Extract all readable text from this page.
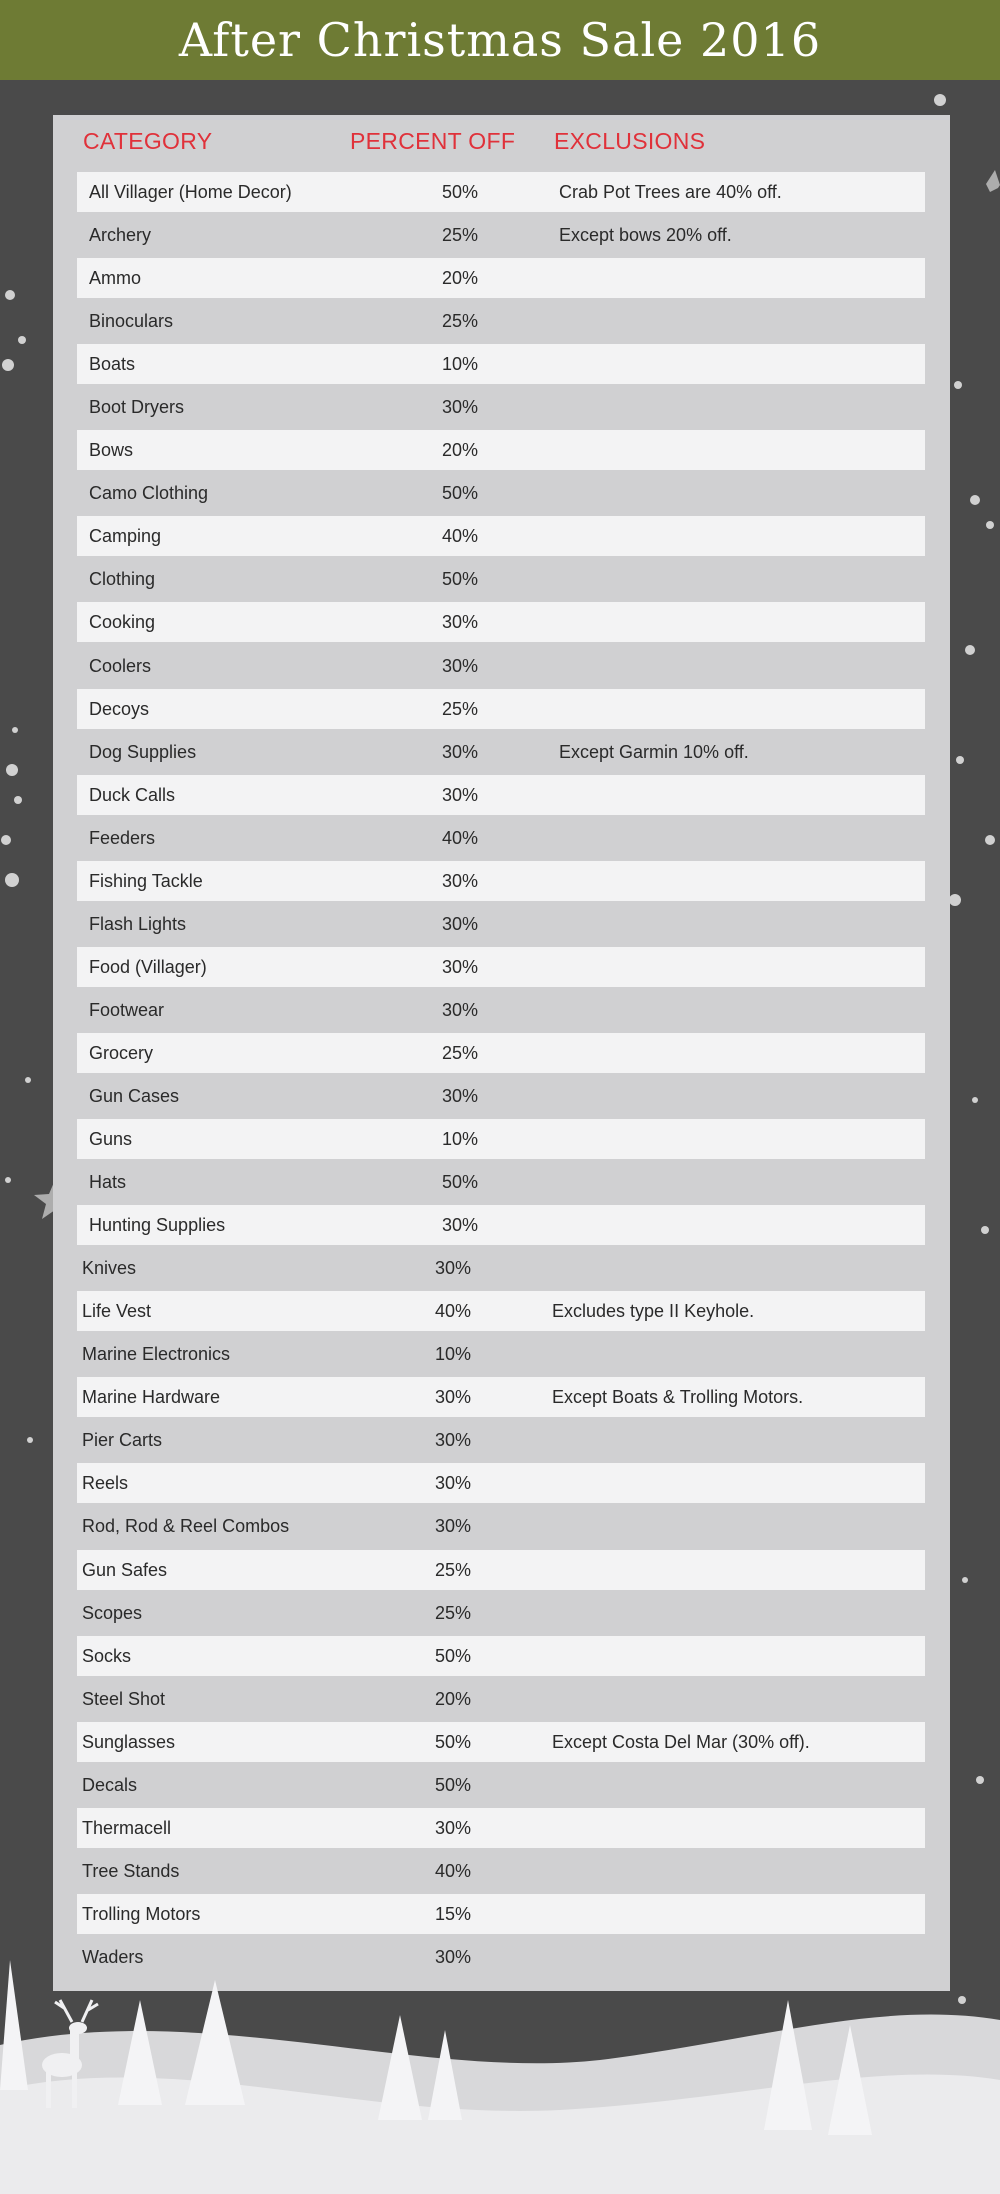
After Christmas Sale 2016
CATEGORY	PERCENT OFF EXCLUSIONS
All Villager (Home Decor)	50%	Crab Pot Trees are 40% off.
Archery	25%	Except bows 20% off.
Ammo	20%
Binoculars	25%
Boats	10%
Boot Dryers	30%
Bows	20%
Camo Clothing	50%
Camping	40%
Clothing	50%
Cooking	30%
Coolers	30%
Decoys	25%
Dog Supplies	30%	Except Garmin 10% off.
Duck Calls	30%
Feeders	40%
Fishing Tackle	30%
Flash Lights	30%
Food (Villager)	30%
Footwear	30%
Grocery	25%
Gun Cases	30%
Guns	10%
Hats	50%
Hunting Supplies	30%
Knives	30%
Life Vest	40%	Excludes type II Keyhole.
Marine Electronics	10%
Marine Hardware	30%	Except Boats & Trolling Motors.
Pier Carts	30%
Reels	30%
Rod, Rod & Reel Combos	30%
Gun Safes	25%
Scopes	25%
Socks	50%
Steel Shot	20%
Sunglasses	50%	Except Costa Del Mar (30% off).
Decals	50%
Thermacell	30%
Tree Stands	40%
Trolling Motors	15%
Waders	30%
